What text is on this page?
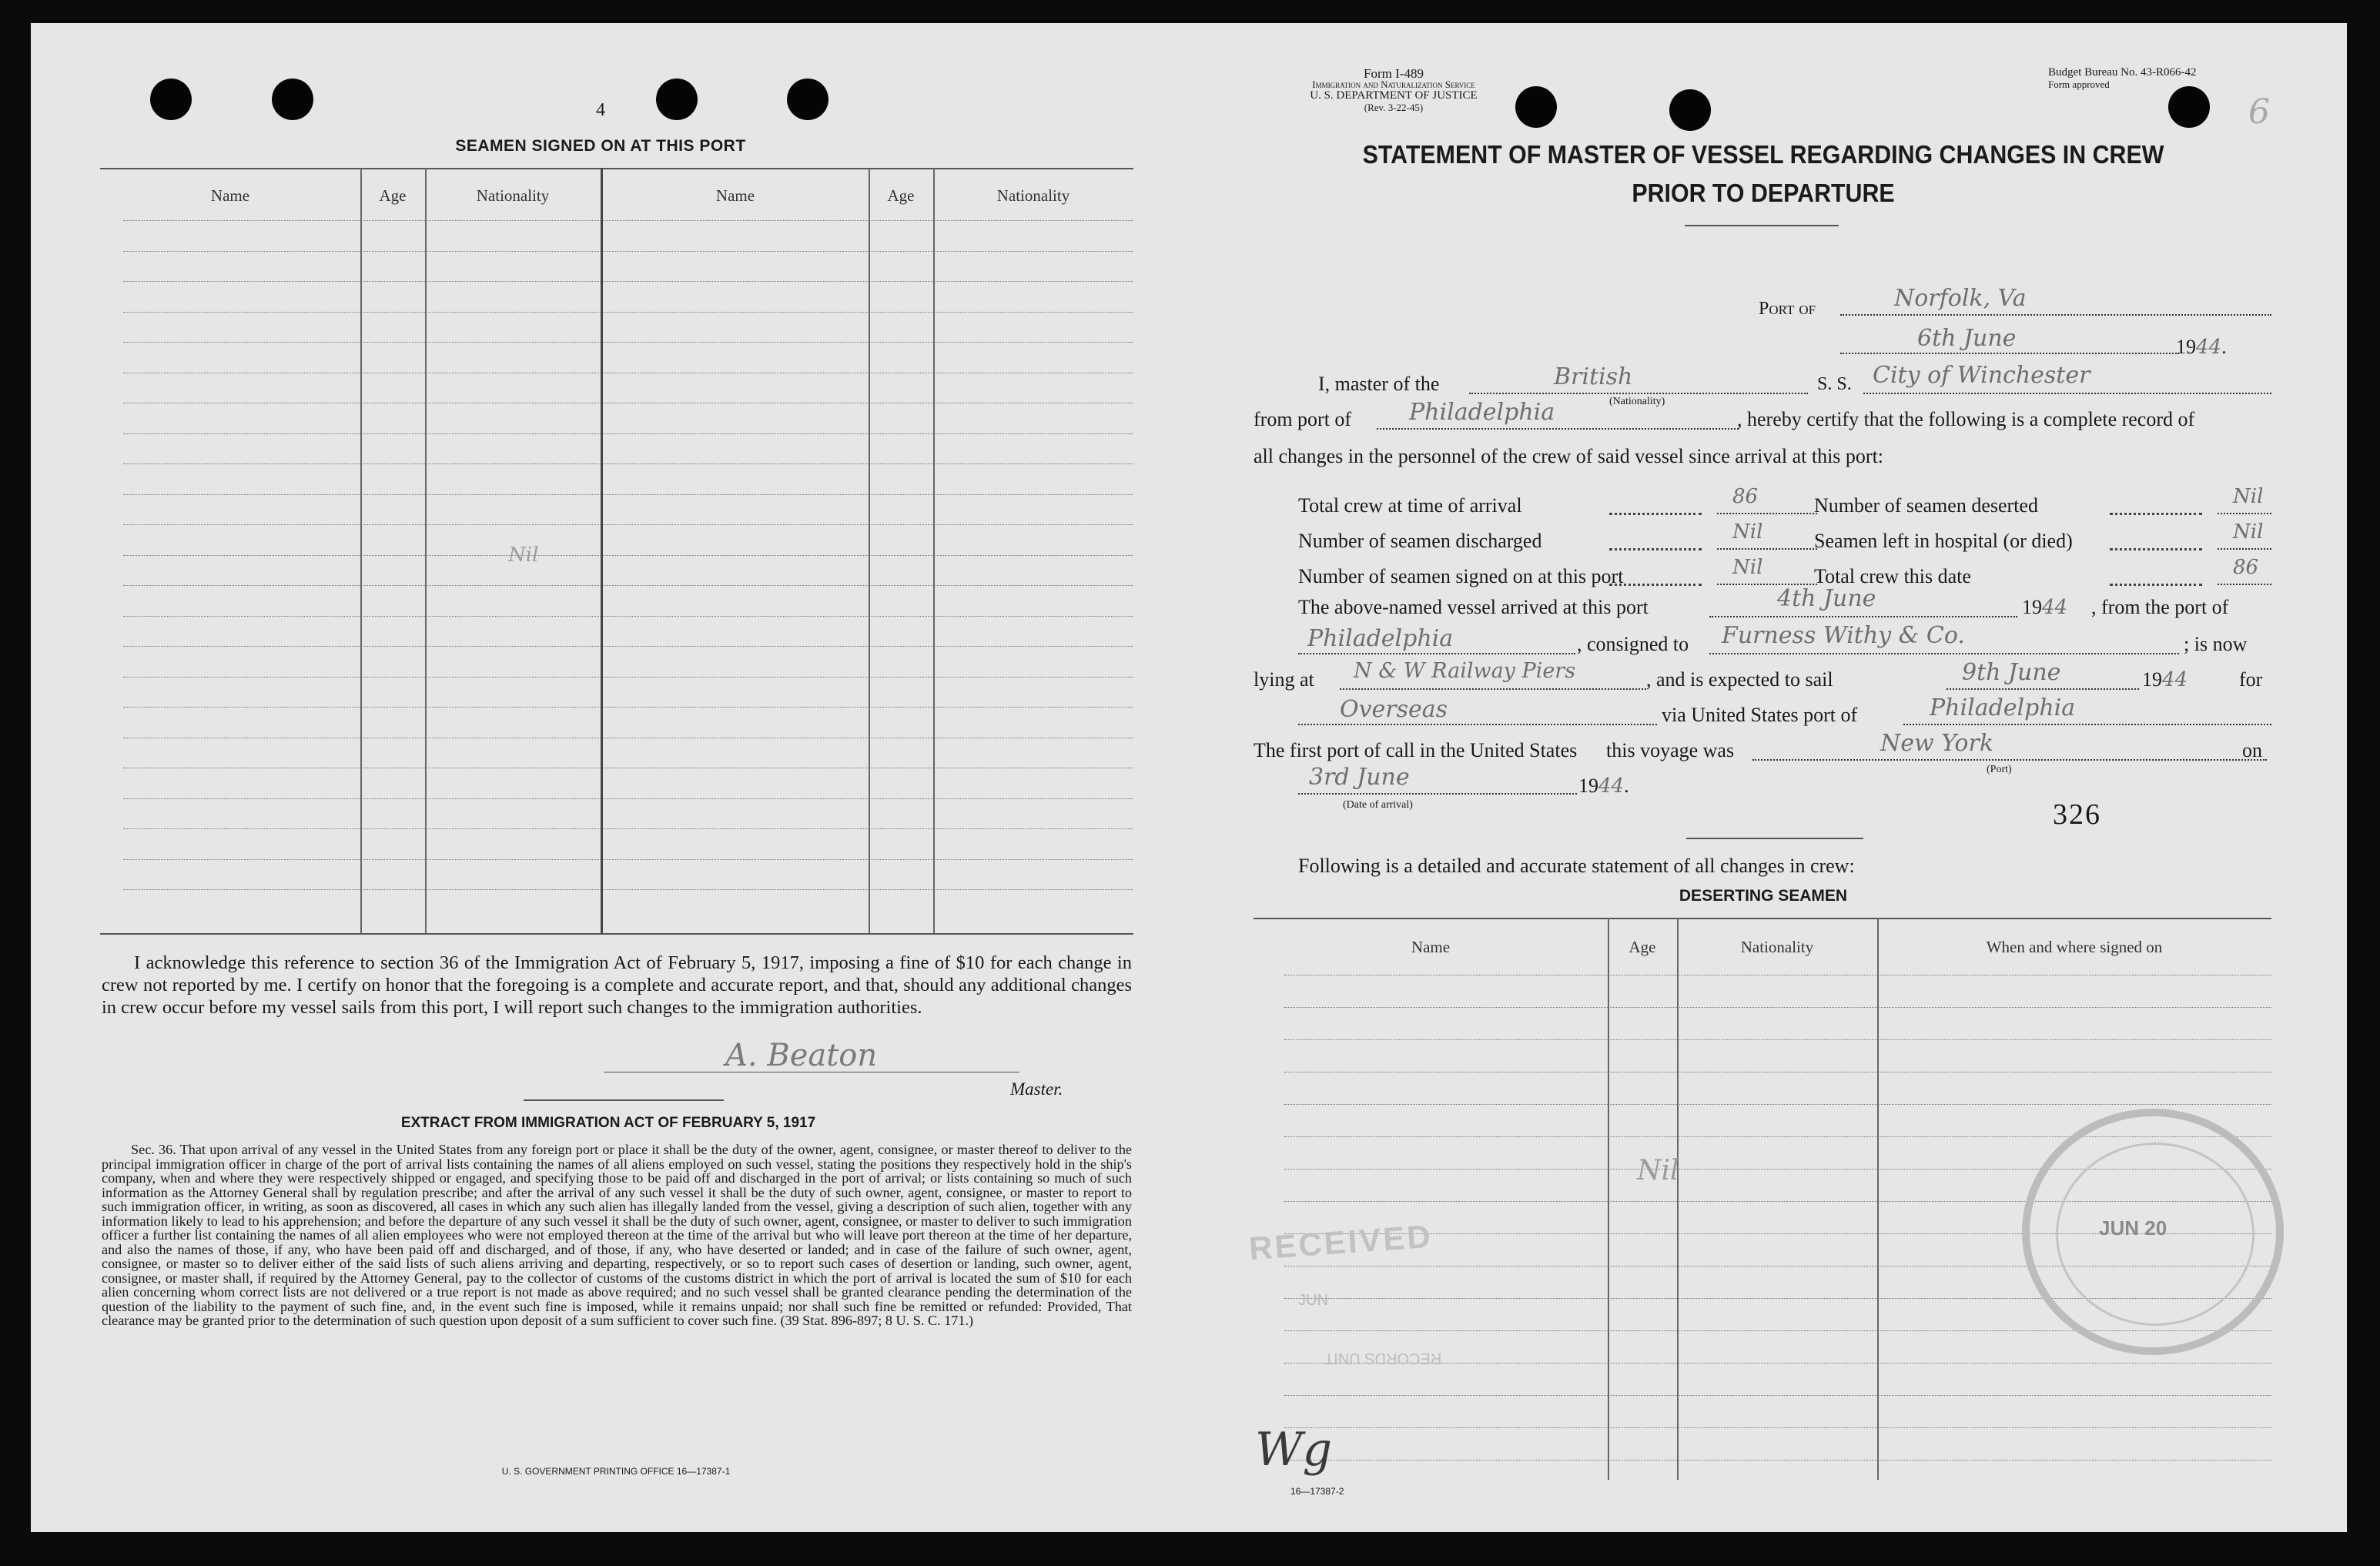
4
SEAMEN SIGNED ON AT THIS PORT
Name	Age	Nationality	Name	Age	Nationality
Nil
I acknowledge this reference to section 36 of the Immigration Act of February 5, 1917, imposing a fine of $10 for each change in crew not reported by me. I certify on honor that the foregoing is a complete and accurate report, and that, should any additional changes in crew occur before my vessel sails from this port, I will report such changes to the immigration authorities.
A. Beaton
Master.
EXTRACT FROM IMMIGRATION ACT OF FEBRUARY 5, 1917
Sec. 36. That upon arrival of any vessel in the United States from any foreign port or place it shall be the duty of the owner, agent, consignee, or master thereof to deliver to the principal immigration officer in charge of the port of arrival lists containing the names of all aliens employed on such vessel, stating the positions they respectively hold in the ship's company, when and where they were respectively shipped or engaged, and specifying those to be paid off and discharged in the port of arrival; or lists containing so much of such information as the Attorney General shall by regulation prescribe; and after the arrival of any such vessel it shall be the duty of such owner, agent, consignee, or master to report to such immigration officer, in writing, as soon as discovered, all cases in which any such alien has illegally landed from the vessel, giving a description of such alien, together with any information likely to lead to his apprehension; and before the departure of any such vessel it shall be the duty of such owner, agent, consignee, or master to deliver to such immigration officer a further list containing the names of all alien employees who were not employed thereon at the time of the arrival but who will leave port thereon at the time of her departure, and also the names of those, if any, who have been paid off and discharged, and of those, if any, who have deserted or landed; and in case of the failure of such owner, agent, consignee, or master so to deliver either of the said lists of such aliens arriving and departing, respectively, or so to report such cases of desertion or landing, such owner, agent, consignee, or master shall, if required by the Attorney General, pay to the collector of customs of the customs district in which the port of arrival is located the sum of $10 for each alien concerning whom correct lists are not delivered or a true report is not made as above required; and no such vessel shall be granted clearance pending the determination of the question of the liability to the payment of such fine, and, in the event such fine is imposed, while it remains unpaid; nor shall such fine be remitted or refunded: Provided, That clearance may be granted prior to the determination of such question upon deposit of a sum sufficient to cover such fine. (39 Stat. 896-897; 8 U. S. C. 171.)
U. S. GOVERNMENT PRINTING OFFICE 16—17387-1
Form I-489
Immigration and Naturalization Service
U. S. DEPARTMENT OF JUSTICE
(Rev. 3-22-45)
Budget Bureau No. 43-R066-42
Form approved
6
STATEMENT OF MASTER OF VESSEL REGARDING CHANGES IN CREW
PRIOR TO DEPARTURE
Port of	Norfolk, Va
6th June	1944.
I, master of the	British
(Nationality)
S. S. City of Winchester
from port of Philadelphia	, hereby certify that the following is a complete record of
all changes in the personnel of the crew of said vessel since arrival at this port:
Total crew at time of arrival	86	Number of seamen deserted	Nil
Number of seamen discharged	Nil	Seamen left in hospital (or died)	Nil
Number of seamen signed on at this port	Nil	Total crew this date	86
The above-named vessel arrived at this port	4th June	1944 , from the port of
Philadelphia	, consigned to Furness Withy & Co.	; is now
lying at N & W Railway Piers	, and is expected to sail	9th June	1944	for
Overseas	via United States port of	Philadelphia
The first port of call in the United States this voyage was	New York
(Port)
on
3rd June	1944.
(Date of arrival)	326
Following is a detailed and accurate statement of all changes in crew:
DESERTING SEAMEN
Name	Age	Nationality	When and where signed on
Nil
RECEIVED
JUN
RECORDS UNIT
JUN 20
Wg
16—17387-2
